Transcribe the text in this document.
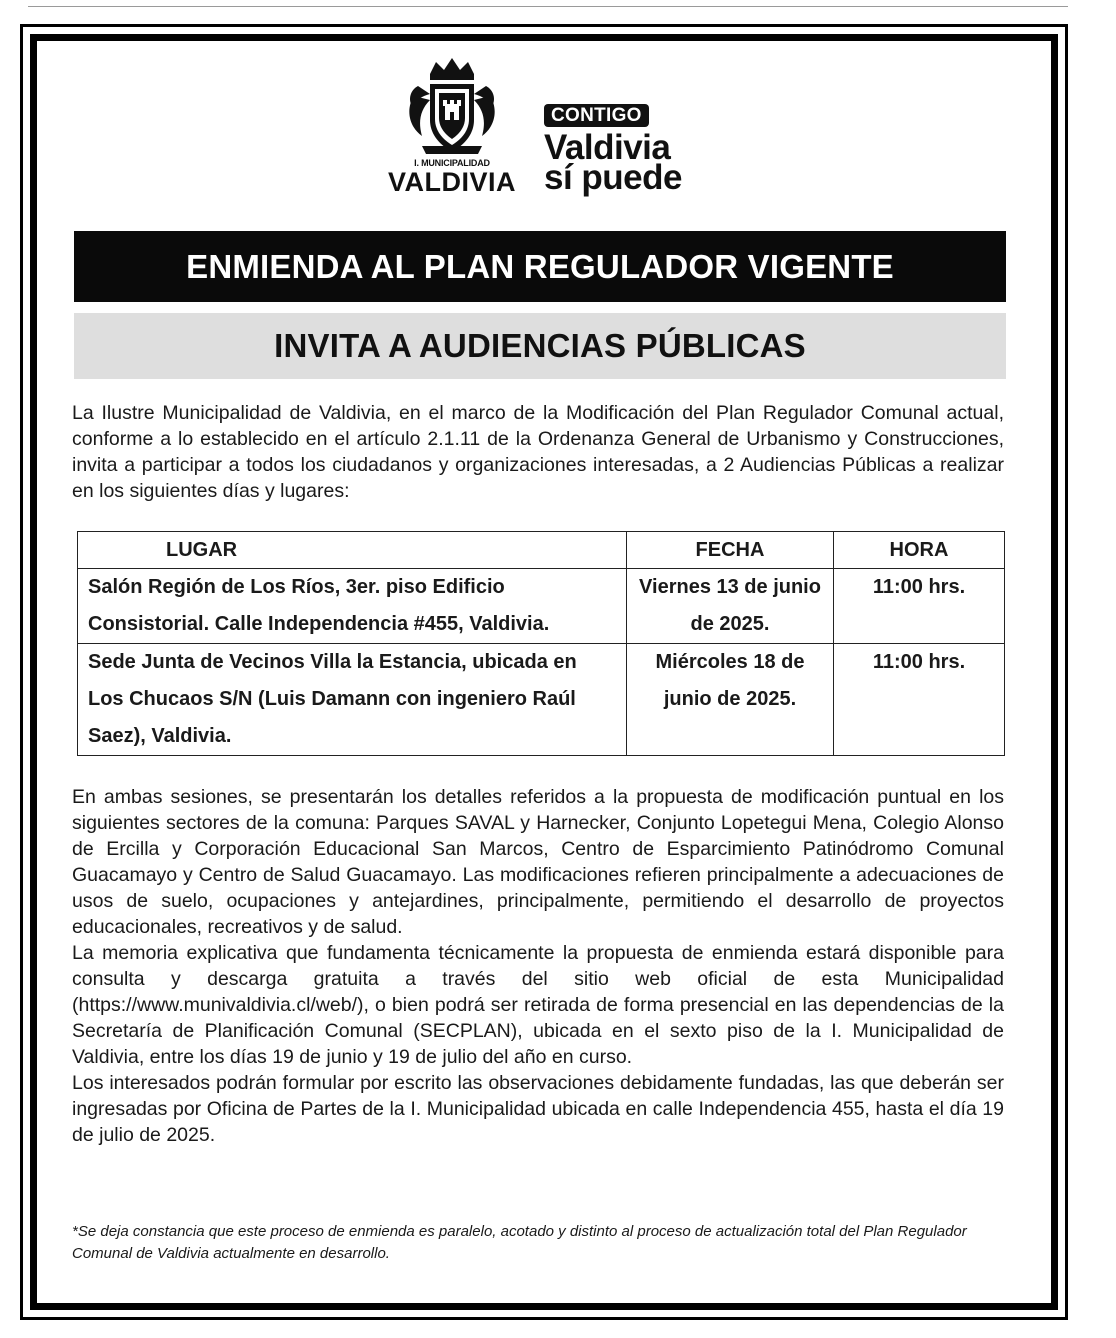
I. MUNICIPALIDAD
VALDIVIA
CONTIGO
Valdivia
sí puede
ENMIENDA AL PLAN REGULADOR VIGENTE
INVITA A AUDIENCIAS PÚBLICAS
La Ilustre Municipalidad de Valdivia, en el marco de la Modificación del Plan Regulador Comunal actual, conforme a lo establecido en el artículo 2.1.11 de la Ordenanza General de Urbanismo y Construcciones, invita a participar a todos los ciudadanos y organizaciones interesadas, a 2 Audiencias Públicas a realizar en los siguientes días y lugares:
LUGAR	FECHA	HORA
Salón Región de Los Ríos, 3er. piso Edificio Consistorial. Calle Independencia #455, Valdivia.	Viernes 13 de junio de 2025.	11:00 hrs.
Sede Junta de Vecinos Villa la Estancia, ubicada en Los Chucaos S/N (Luis Damann con ingeniero Raúl Saez), Valdivia.	Miércoles 18 de junio de 2025.	11:00 hrs.

En ambas sesiones, se presentarán los detalles referidos a la propuesta de modificación puntual en los siguientes sectores de la comuna: Parques SAVAL y Harnecker, Conjunto Lopetegui Mena, Colegio Alonso de Ercilla y Corporación Educacional San Marcos, Centro de Esparcimiento Patinódromo Comunal Guacamayo y Centro de Salud Guacamayo. Las modificaciones refieren principalmente a adecuaciones de usos de suelo, ocupaciones y antejardines, principalmente, permitiendo el desarrollo de proyectos educacionales, recreativos y de salud.

La memoria explicativa que fundamenta técnicamente la propuesta de enmienda estará disponible para consulta y descarga gratuita a través del sitio web oficial de esta Municipalidad (https://www.munivaldivia.cl/web/), o bien podrá ser retirada de forma presencial en las dependencias de la Secretaría de Planificación Comunal (SECPLAN), ubicada en el sexto piso de la I. Municipalidad de Valdivia, entre los días 19 de junio y 19 de julio del año en curso.

Los interesados podrán formular por escrito las observaciones debidamente fundadas, las que deberán ser ingresadas por Oficina de Partes de la I. Municipalidad ubicada en calle Independencia 455, hasta el día 19 de julio de 2025.

*Se deja constancia que este proceso de enmienda es paralelo, acotado y distinto al proceso de actualización total del Plan Regulador Comunal de Valdivia actualmente en desarrollo.
